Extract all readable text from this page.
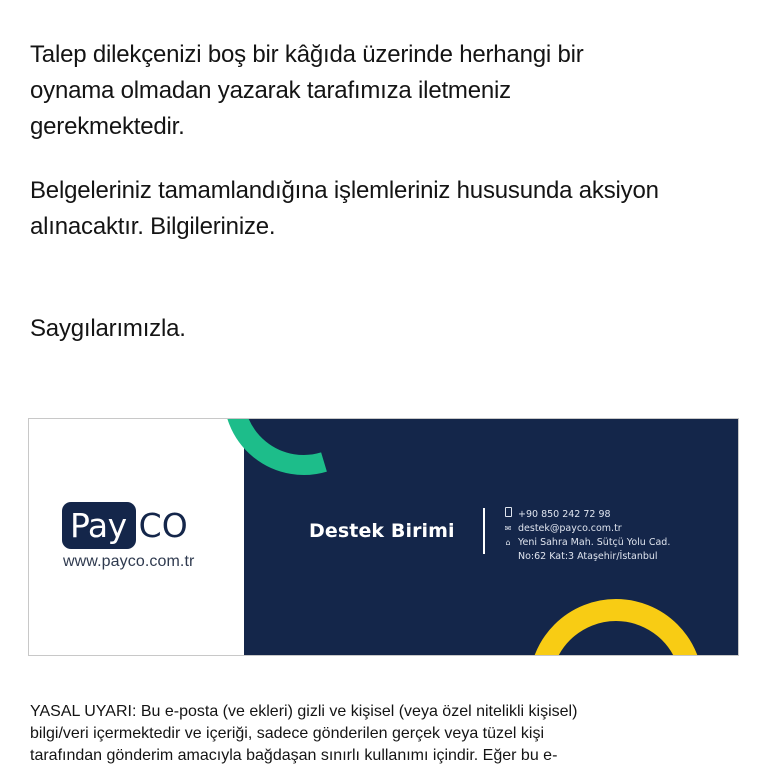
Talep dilekçenizi boş bir kâğıda üzerinde herhangi bir
oynama olmadan yazarak tarafımıza iletmeniz
gerekmektedir.
Belgeleriniz tamamlandığına işlemleriniz hususunda aksiyon
alınacaktır. Bilgilerinize.
Saygılarımızla.
Destek Birimi
+90 850 242 72 98
✉ destek@payco.com.tr
⌂ Yeni Sahra Mah. Sütçü Yolu Cad.
No:62 Kat:3 Ataşehir/İstanbul
Pay CO
www.payco.com.tr
YASAL UYARI: Bu e-posta (ve ekleri) gizli ve kişisel (veya özel nitelikli kişisel)
bilgi/veri içermektedir ve içeriği, sadece gönderilen gerçek veya tüzel kişi
tarafından gönderim amacıyla bağdaşan sınırlı kullanımı içindir. Eğer bu e-
